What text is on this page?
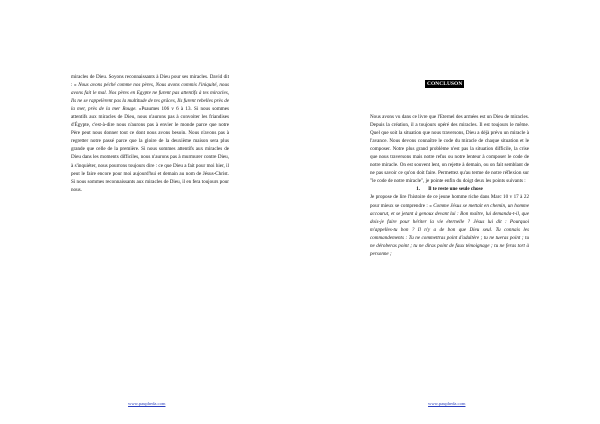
miracles de Dieu. Soyons reconnaissants à Dieu pour ses miracles. David dit : « Nous avons péché comme nos pères, Nous avons commis l'iniquité, nous avons fait le mal. Nos pères en Egypte ne furent pas attentifs à tes miracles, Ils ne se rappelèrent pas la multitude de tes grâces, Ils furent rebelles près de la mer, près de la mer Rouge. »Psaumes 106 v 6 à 13. Si nous sommes attentifs aux miracles de Dieu, nous n'aurons pas à convoiter les friandises d'Égypte, c'est-à-dire nous n'aurons pas à envier le monde parce que notre Père peut nous donner tout ce dont nous avons besoin. Nous n'avons pas à regretter notre passé parce que la gloire de la deuxième maison sera plus grande que celle de la première. Si nous sommes attentifs aux miracles de Dieu dans les moments difficiles, nous n'aurons pas à murmurer contre Dieu, à s'inquiéter, nous pourrons toujours dire : ce que Dieu a fait pour moi hier, il peut le faire encore pour moi aujourd'hui et demain au nom de Jésus-Christ. Si nous sommes reconnaissants aux miracles de Dieu, il en fera toujours pour nous.

www.paupheda.com
CONCLUSON

Nous avons vu dans ce livre que l'Eternel des armées est un Dieu de miracles. Depuis la création, il a toujours opéré des miracles. Il est toujours le même. Quel que soit la situation que nous traversons, Dieu a déjà prévu un miracle à l'avance. Nous devons connaître le code du miracle de chaque situation et le composer. Notre plus grand problème n'est pas la situation difficile, la crise que nous traversons mais notre refus ou notre lenteur à composer le code de notre miracle. On est souvent lent, on rejette à demain, ou on fait semblant de ne pas savoir ce qu'on doit faire. Permettez qu'au terme de notre réflexion sur "le code de notre miracle", je pointe enfin du doigt deux les points suivants :

1. Il te reste une seule chose

Je propose de lire l'histoire de ce jeune homme riche dans Marc 10 v 17 à 22 pour mieux se comprendre : « Comme Jésus se mettait en chemin, un homme accourut, et se jetant à genoux devant lui : Bon maître, lui demanda-t-il, que dois-je faire pour hériter la vie éternelle ? Jésus lui dit : Pourquoi m'appelles-tu bon ? Il n'y a de bon que Dieu seul. Tu connais les commandements : Tu ne commettras point d'adultère ; tu ne tueras point ; tu ne déroberas point ; tu ne diras point de faux témoignage ; tu ne feras tort à personne ;

www.paupheda.com
